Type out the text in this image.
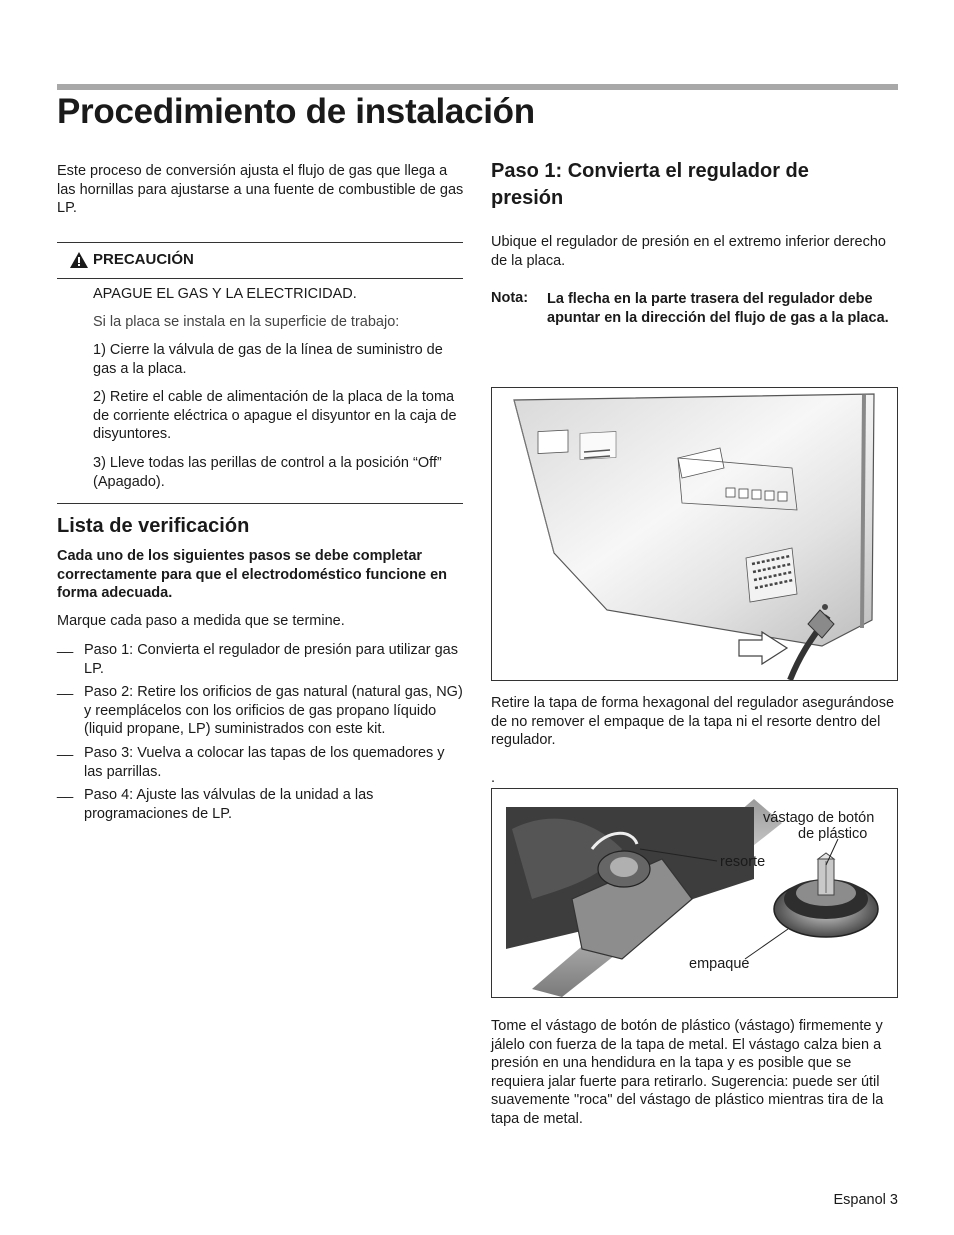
Procedimiento de instalación

Este proceso de conversión ajusta el flujo de gas que llega a las hornillas para ajustarse a una fuente de combustible de gas LP.

PRECAUCIÓN

APAGUE EL GAS Y LA ELECTRICIDAD.

Si la placa se instala en la superficie de trabajo:

1) Cierre la válvula de gas de la línea de suministro de gas a la placa.

2) Retire el cable de alimentación de la placa de la toma de corriente eléctrica o apague el disyuntor en la caja de disyuntores.

3) Lleve todas las perillas de control a la posición “Off” (Apagado).

Lista de verificación

Cada uno de los siguientes pasos se debe completar correctamente para que el electrodoméstico funcione en forma adecuada.

Marque cada paso a medida que se termine.

__ Paso 1: Convierta el regulador de presión para utilizar gas LP.

__ Paso 2: Retire los orificios de gas natural (natural gas, NG) y reemplácelos con los orificios de gas propano líquido (liquid propane, LP) suministrados con este kit.

__ Paso 3: Vuelva a colocar las tapas de los quemadores y las parrillas.

__ Paso 4: Ajuste las válvulas de la unidad a las programaciones de LP.

Paso 1: Convierta el regulador de presión

Ubique el regulador de presión en el extremo inferior derecho de la placa.

Nota: La flecha en la parte trasera del regulador debe apuntar en la dirección del flujo de gas a la placa.

Retire la tapa de forma hexagonal del regulador asegurándose de no remover el empaque de la tapa ni el resorte dentro del regulador.

.

vástago de botón
de plástico
resorte
empaque

Tome el vástago de botón de plástico (vástago) firmemente y jálelo con fuerza de la tapa de metal. El vástago calza bien a presión en una hendidura en la tapa y es posible que se requiera jalar fuerte para retirarlo. Sugerencia: puede ser útil suavemente "roca" del vástago de plástico mientras tira de la tapa de metal.

Espanol 3
